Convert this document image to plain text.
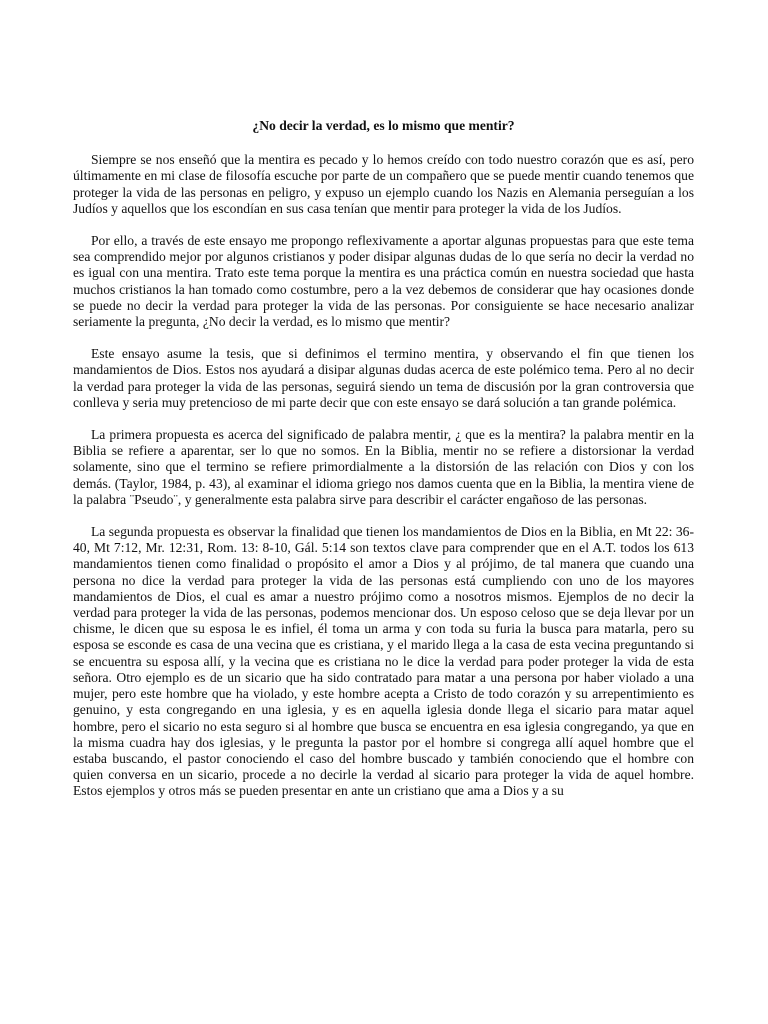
¿No decir la verdad, es lo mismo que mentir?

Siempre se nos enseñó que la mentira es pecado y lo hemos creído con todo nuestro corazón que es así, pero últimamente en mi clase de filosofía escuche por parte de un compañero que se puede mentir cuando tenemos que proteger la vida de las personas en peligro, y expuso un ejemplo cuando los Nazis en Alemania perseguían a los Judíos y aquellos que los escondían en sus casa tenían que mentir para proteger la vida de los Judíos.

Por ello, a través de este ensayo me propongo reflexivamente a aportar algunas propuestas para que este tema sea comprendido mejor por algunos cristianos y poder disipar algunas dudas de lo que sería no decir la verdad no es igual con una mentira. Trato este tema porque la mentira es una práctica común en nuestra sociedad que hasta muchos cristianos la han tomado como costumbre, pero a la vez debemos de considerar que hay ocasiones donde se puede no decir la verdad para proteger la vida de las personas. Por consiguiente se hace necesario analizar seriamente la pregunta, ¿No decir la verdad, es lo mismo que mentir?

Este ensayo asume la tesis, que si definimos el termino mentira, y observando el fin que tienen los mandamientos de Dios. Estos nos ayudará a disipar algunas dudas acerca de este polémico tema. Pero al no decir la verdad para proteger la vida de las personas, seguirá siendo un tema de discusión por la gran controversia que conlleva y seria muy pretencioso de mi parte decir que con este ensayo se dará solución a tan grande polémica.

La primera propuesta es acerca del significado de palabra mentir, ¿ que es la mentira? la palabra mentir en la Biblia se refiere a aparentar, ser lo que no somos. En la Biblia, mentir no se refiere a distorsionar la verdad solamente, sino que el termino se refiere primordialmente a la distorsión de las relación con Dios y con los demás. (Taylor, 1984, p. 43), al examinar el idioma griego nos damos cuenta que en la Biblia, la mentira viene de la palabra ¨Pseudo¨, y generalmente esta palabra sirve para describir el carácter engañoso de las personas.

La segunda propuesta es observar la finalidad que tienen los mandamientos de Dios en la Biblia, en Mt 22: 36-40, Mt 7:12, Mr. 12:31, Rom. 13: 8-10, Gál. 5:14 son textos clave para comprender que en el A.T. todos los 613 mandamientos tienen como finalidad o propósito el amor a Dios y al prójimo, de tal manera que cuando una persona no dice la verdad para proteger la vida de las personas está cumpliendo con uno de los mayores mandamientos de Dios, el cual es amar a nuestro prójimo como a nosotros mismos. Ejemplos de no decir la verdad para proteger la vida de las personas, podemos mencionar dos. Un esposo celoso que se deja llevar por un chisme, le dicen que su esposa le es infiel, él toma un arma y con toda su furia la busca para matarla, pero su esposa se esconde es casa de una vecina que es cristiana, y el marido llega a la casa de esta vecina preguntando si se encuentra su esposa allí, y la vecina que es cristiana no le dice la verdad para poder proteger la vida de esta señora. Otro ejemplo es de un sicario que ha sido contratado para matar a una persona por haber violado a una mujer, pero este hombre que ha violado, y este hombre acepta a Cristo de todo corazón y su arrepentimiento es genuino, y esta congregando en una iglesia, y es en aquella iglesia donde llega el sicario para matar aquel hombre, pero el sicario no esta seguro si al hombre que busca se encuentra en esa iglesia congregando, ya que en la misma cuadra hay dos iglesias, y le pregunta la pastor por el hombre si congrega allí aquel hombre que el estaba buscando, el pastor conociendo el caso del hombre buscado y también conociendo que el hombre con quien conversa en un sicario, procede a no decirle la verdad al sicario para proteger la vida de aquel hombre. Estos ejemplos y otros más se pueden presentar en ante un cristiano que ama a Dios y a su
